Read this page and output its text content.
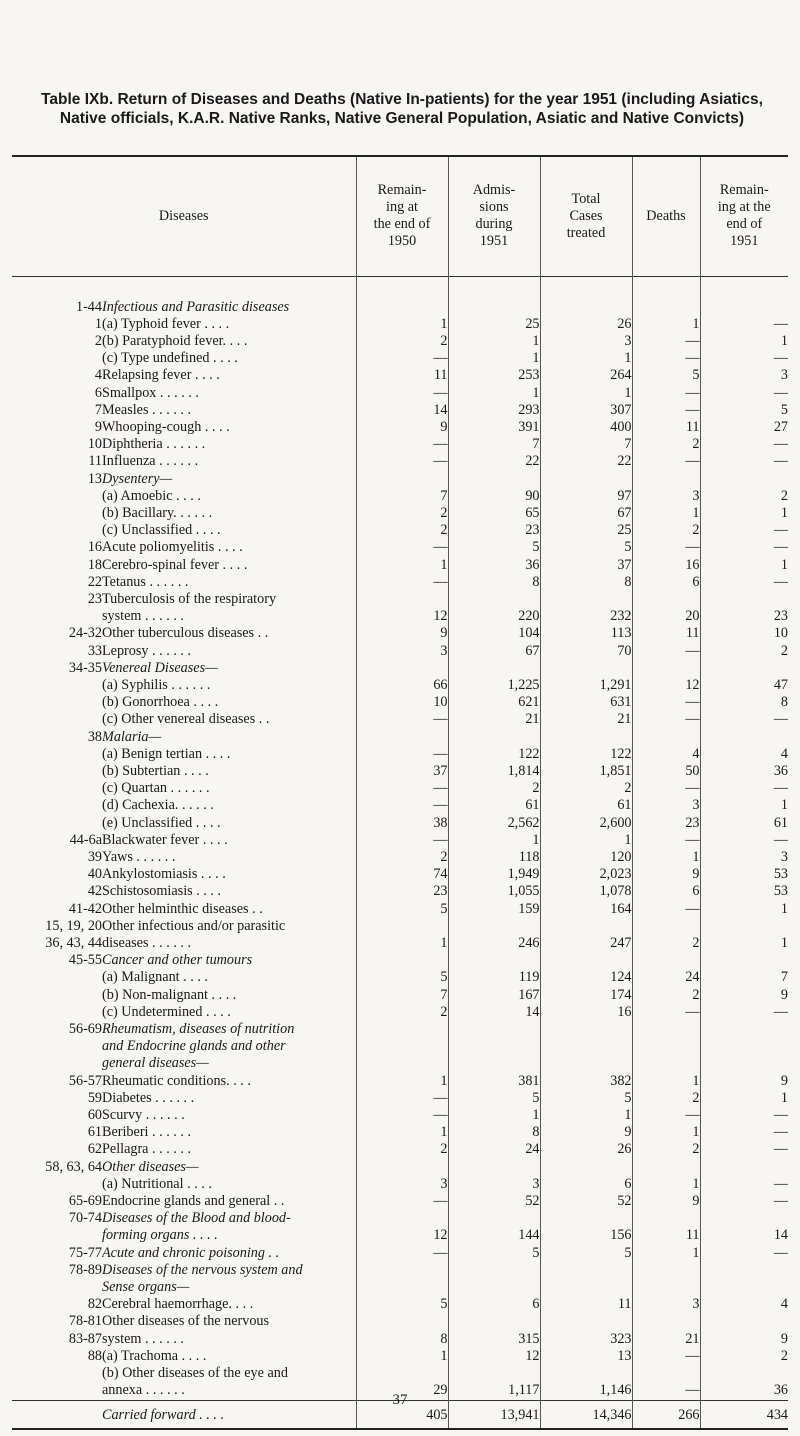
Table IXb. Return of Diseases and Deaths (Native In-patients) for the year 1951 (including Asiatics, Native officials, K.A.R. Native Ranks, Native General Population, Asiatic and Native Convicts)
Diseases		Remain-
ing at
the end of
1950	Admis-
sions
during
1951	Total
Cases
treated	Deaths	Remain-
ing at the
end of
1951

1-44	Infectious and Parasitic diseases					
1	(a) Typhoid fever . . . .	1	25	26	1	—
2	(b) Paratyphoid fever. . . .	2	1	3	—	1
	(c) Type undefined . . . .	—	1	1	—	—
4	Relapsing fever . . . .	11	253	264	5	3
6	Smallpox . . . . . .	—	1	1	—	—
7	Measles . . . . . .	14	293	307	—	5
9	Whooping-cough . . . .	9	391	400	11	27
10	Diphtheria . . . . . .	—	7	7	2	—
11	Influenza . . . . . .	—	22	22	—	—
13	Dysentery—					
	(a) Amoebic . . . .	7	90	97	3	2
	(b) Bacillary. . . . . .	2	65	67	1	1
	(c) Unclassified . . . .	2	23	25	2	—
16	Acute poliomyelitis . . . .	—	5	5	—	—
18	Cerebro-spinal fever . . . .	1	36	37	16	1
22	Tetanus . . . . . .	—	8	8	6	—
23	Tuberculosis of the respiratory					
	system . . . . . .	12	220	232	20	23
24-32	Other tuberculous diseases . .	9	104	113	11	10
33	Leprosy . . . . . .	3	67	70	—	2
34-35	Venereal Diseases—					
	(a) Syphilis . . . . . .	66	1,225	1,291	12	47
	(b) Gonorrhoea . . . .	10	621	631	—	8
	(c) Other venereal diseases . .	—	21	21	—	—
38	Malaria—					
	(a) Benign tertian . . . .	—	122	122	4	4
	(b) Subtertian . . . .	37	1,814	1,851	50	36
	(c) Quartan . . . . . .	—	2	2	—	—
	(d) Cachexia. . . . . .	—	61	61	3	1
	(e) Unclassified . . . .	38	2,562	2,600	23	61
44-6a	Blackwater fever . . . .	—	1	1	—	—
39	Yaws . . . . . .	2	118	120	1	3
40	Ankylostomiasis . . . .	74	1,949	2,023	9	53
42	Schistosomiasis . . . .	23	1,055	1,078	6	53
41-42	Other helminthic diseases . .	5	159	164	—	1
15, 19, 20	Other infectious and/or parasitic					
36, 43, 44	diseases . . . . . .	1	246	247	2	1
45-55	Cancer and other tumours					
	(a) Malignant . . . .	5	119	124	24	7
	(b) Non-malignant . . . .	7	167	174	2	9
	(c) Undetermined . . . .	2	14	16	—	—
56-69	Rheumatism, diseases of nutrition					
	and Endocrine glands and other					
	general diseases—					
56-57	Rheumatic conditions. . . .	1	381	382	1	9
59	Diabetes . . . . . .	—	5	5	2	1
60	Scurvy . . . . . .	—	1	1	—	—
61	Beriberi . . . . . .	1	8	9	1	—
62	Pellagra . . . . . .	2	24	26	2	—
58, 63, 64	Other diseases—					
	(a) Nutritional . . . .	3	3	6	1	—
65-69	Endocrine glands and general . .	—	52	52	9	—
70-74	Diseases of the Blood and blood-					
	forming organs . . . .	12	144	156	11	14
75-77	Acute and chronic poisoning . .	—	5	5	1	—
78-89	Diseases of the nervous system and					
	Sense organs—					
82	Cerebral haemorrhage. . . .	5	6	11	3	4
78-81	Other diseases of the nervous					
83-87	system . . . . . .	8	315	323	21	9
88	(a) Trachoma . . . .	1	12	13	—	2
	(b) Other diseases of the eye and					
	annexa . . . . . .	29	1,117	1,146	—	36
	Carried forward . . . .	405	13,941	14,346	266	434
37
